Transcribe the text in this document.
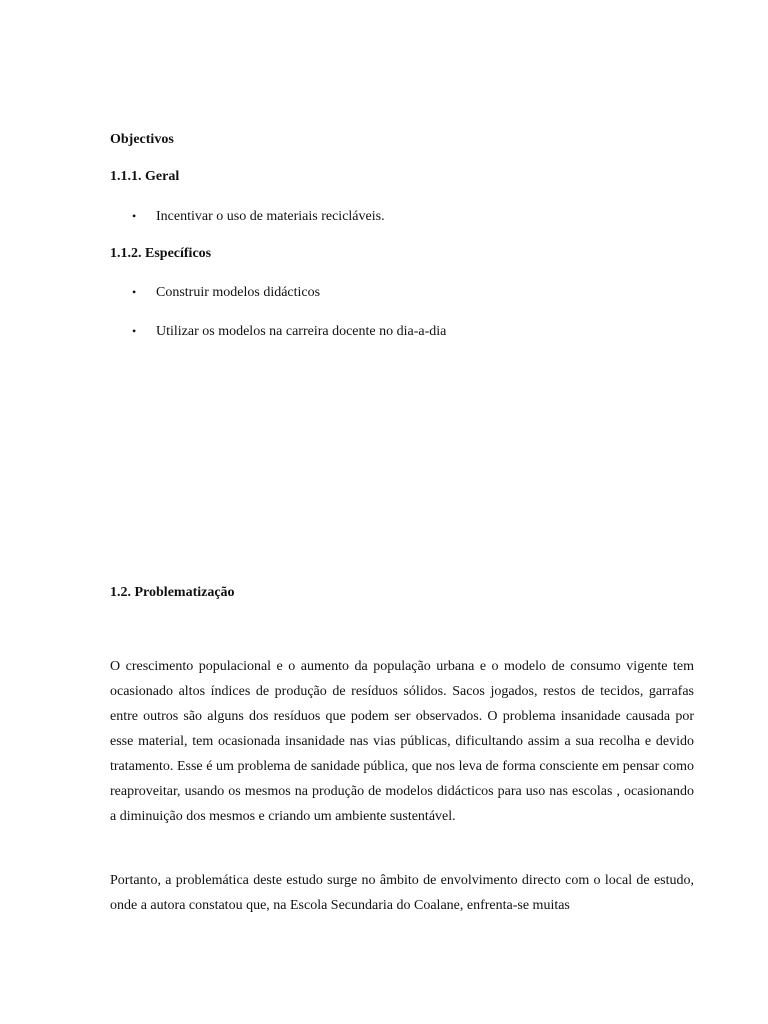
Objectivos
1.1.1. Geral
• Incentivar o uso de materiais recicláveis.
1.1.2. Específicos
• Construir modelos didácticos
• Utilizar os modelos na carreira docente no dia-a-dia
1.2. Problematização

O crescimento populacional e o aumento da população urbana e o modelo de consumo vigente tem ocasionado altos índices de produção de resíduos sólidos. Sacos jogados, restos de tecidos, garrafas entre outros são alguns dos resíduos que podem ser observados. O problema insanidade causada por esse material, tem ocasionada insanidade nas vias públicas, dificultando assim a sua recolha e devido tratamento. Esse é um problema de sanidade pública, que nos leva de forma consciente em pensar como reaproveitar, usando os mesmos na produção de modelos didácticos para uso nas escolas , ocasionando a diminuição dos mesmos e criando um ambiente sustentável.

Portanto, a problemática deste estudo surge no âmbito de envolvimento directo com o local de estudo, onde a autora constatou que, na Escola Secundaria do Coalane, enfrenta-se muitas
